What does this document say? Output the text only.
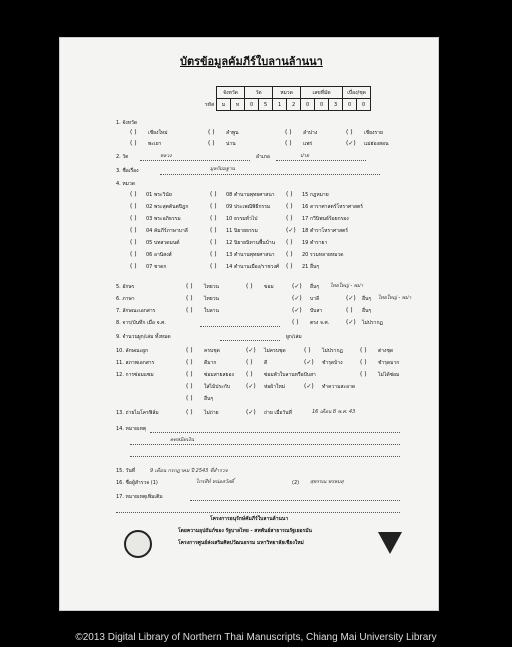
บัตรข้อมูลคัมภีร์ใบลานล้านนา
	จังหวัด		วัด		หมวด		เลขที่มัด			เบื่อง/ชุด	
รหัส	ม	ห	0	5	1	2	0	0	3	0	0
1. จังหวัด
( ) เชียงใหม่	( ) ลำพูน	( ) ลำปาง	( ) เชียงราย
( ) พะเยา	( ) น่าน	( ) แพร่	(✓) แม่ฮ่องสอน
2. วัด	หลวง	อำเภอ	ปาย
3. ชื่อเรื่อง	มูลกัมมฐาน
4. หมวด
5. อักษร	( ) ไทยวน	( ) ขอม	(✓) อื่นๆ ไทยใหญ่ - พม่า
6. ภาษา	( ) ไทยวน	(✓) บาลี	(✓) อื่นๆ ไทยใหญ่ - พม่า
7. ลักษณะเอกสาร	( ) ใบลาน	(✓) ปับสา	( ) อื่นๆ
8. จาร/บันทึก เมื่อ จ.ศ.	( ) ตรง จ.ศ.	(✓) ไม่ปรากฏ
9. จำนวนผูก/เล่ม ทั้งหมด	ผูก/เล่ม
10. ลักษณะผูก	( ) ครบชุด	(✓) ไม่ครบชุด	( ) ไม่ปรากฏ	( ) ต่างชุด
11. สภาพเอกสาร	( ) ดีมาก	( ) ดี	(✓) ชำรุดบ้าง	( ) ชำรุดมาก
12. การซ่อมแซม	( ) ซ่อมสายสยอง ( ) ซ่อมตัวใบลานหรือปับสา	( ) ไม่ได้ซ่อม
( ) ใส่ไม้ประกับ	(✓) ห่อผ้าใหม่	(✓) ทำความสะอาด
( ) อื่นๆ
13. ถ่ายไมโครฟิล์ม	( ) ไม่ถ่าย	(✓) ถ่าย เมื่อวันที่	16 เดือน 8 พ.ศ. 43
14. หมายเหตุ
คดหมิดเงิน
15. วันที่	9 เดือน กรกฎาคม ปี 2543 ที่สำรวจ
16. ชื่อผู้สำรวจ (1)	ไกรสีห์ หน่อสวัสดิ์	(2) สุพรรณ พรหมสุ
17. หมายเหตุเพิ่มเติม
โครงการอนุรักษ์คัมภีร์ใบลานล้านนา
โดยความอุปถัมภ์ของ รัฐบาลไทย - สหพันธ์สาธารณรัฐเยอรมัน
โครงการศูนย์ส่งเสริมศิลปวัฒนธรรม มหาวิทยาลัยเชียงใหม่
( ) 01 พระวินัย	( ) 08 ตำนานพุทธศาสนา ( ) 15 กฎหมาย
( ) 02 พระสุตตันตปิฎก	( ) 09 ประเพณีพิธีกรรม	( ) 16 ดาราศาสตร์โหราศาสตร์
( ) 03 พระอภิธรรม	( ) 10 ธรรมทั่วไป	( ) 17 กวีนิพนธ์ร้อยกรอง
( ) 04 คัมภีร์ภาษาบาลี	( ) 11 นิยายธรรม	(✓) 18 ตำราโหราศาสตร์
( ) 05 บทสวดมนต์	( ) 12 นิยายนิทานพื้นบ้าน ( ) 19 ตำรายา
( ) 06 อานิสงส์	( ) 13 ตำนานพุทธศาสนา ( ) 20 รวมหลายหมวด
( ) 07 ชาดก	( ) 14 ตำนานเมือง/ราชวงศ์ ( ) 21 อื่นๆ
©2013 Digital Library of Northern Thai Manuscripts, Chiang Mai University Library
